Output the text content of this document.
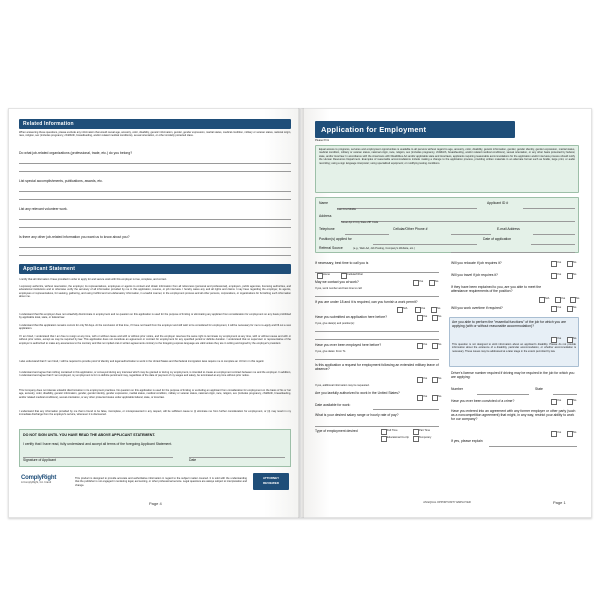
Related Information
When answering these questions, please exclude any information that would reveal age, ancestry, color, disability, genetic information, gender, gender expression, marital status, medical condition, military or veteran status, national origin, race, religion, sex (includes pregnancy, childbirth, breastfeeding, and/or related medical conditions), sexual orientation, or other similarly protected class.
Do what job-related organizations (professional, trade, etc.) do you belong?
List special accomplishments, publications, awards, etc.
List any relevant volunteer work.
Is there any other job-related information you want us to know about you?
Applicant Statement
I certify that all information I have provided in order to apply for and secure work with this employer is true, complete, and correct.
I expressly authorize, without reservation, the employer, its representatives, employees or agents to contact and obtain information from all references (personal and professional), employers, public agencies, licensing authorities, and educational institutions and to otherwise verify the accuracy of all information provided by me in this application, resume, or job interview. I hereby waive any and all rights and claims I may have regarding the employer, its agents, employees or representatives, for seeking, gathering, and using truthful and non-defamatory information, in a lawful manner, in the employment process and all other persons, corporations, or organizations for furnishing such information about me.
I understand that this employer does not unlawfully discriminate in employment and no question on this application is used for the purpose of limiting or eliminating any applicant from consideration for employment on any basis prohibited by applicable local, state, or federal law.
I understand that this application remains current for only 60 days. At the conclusion of that time, if I have not heard from the employer and still wish to be considered for employment, it will be necessary for me to re-apply and fill out a new application.
If I am hired, I understand that I am free to resign at any time, with or without cause and with or without prior notice, and the employer reserves the same right to terminate my employment at any time, with or without cause and with or without prior notice, except as may be required by law. This application does not constitute an agreement or contract for employment for any specified period or definite duration. I understand that no supervisor or representative of the employer is authorized to make any assurances to the contrary and that no implied oral or written agreements contrary to the foregoing express language are valid unless they are in writing and signed by the employer's president.
I also understand that if I am hired, I will be required to provide proof of identity and legal authorization to work in the United States and that federal immigration laws require me to complete an I-9 form in this regard.
I understand and agree that nothing contained in this application, or conveyed during any interview which may be granted or during my employment, is intended to create an employment contract between me and the employer. In addition, I understand and agree that if I am employed, my employment is for no definite period and may, regardless of the date of payment of my wages and salary, be terminated at any time without prior notice.
This Company does not tolerate unlawful discrimination in its employment practices. No question on this application is used for the purpose of limiting or excluding an applicant from consideration for employment on the basis of his or her age, ancestry, color, disability, genetic information, gender, gender identity, gender expression, marital status, medical condition, military or veteran status, national origin, race, religion, sex (includes pregnancy, childbirth, breastfeeding, and/or related medical conditions), sexual orientation, or any other protected status under applicable federal, state, or local law.
I understand that any information provided by me that is found to be false, incomplete, or misrepresented in any respect, will be sufficient cause to (i) eliminate me from further consideration for employment, or (ii) may result in my immediate discharge from the employer's service, whenever it is discovered.
DO NOT SIGN UNTIL YOU HAVE READ THE ABOVE APPLICANT STATEMENT.
I certify that I have read, fully understand and accept all terms of the foregoing Applicant Statement.
Signature of Applicant	Date
ComplyRight
A ComplyRight, Inc. brand
ATTORNEY
REVIEWED
This product is designed to provide accurate and authoritative information in regard to the subject matter covered. It is sold with the understanding that the publisher is not engaged in rendering legal, accounting, or other professional service. Legal questions are always subject to interpretation and change.
Page 4
Application for Employment
Please Print
Equal access to programs, services and employment opportunities is available to all persons without regard to age, ancestry, color, disability, genetic information, gender, gender identity, gender expression, marital status, medical condition, military or veteran status, national origin, race, religion, sex (includes pregnancy, childbirth, breastfeeding, and/or related medical conditions), sexual orientation, or any other basis protected by federal, state, and/or local law. In accordance with the Americans with Disabilities Act and/or applicable state and local laws, applicants requiring reasonable accommodations for the application and/or interview process should notify the Human Resources Department. Examples of reasonable accommodations include making a change to the application process, providing written materials in an alternate format such as braille, large print, or audio recording; using a sign language interpreter; using specialized equipment; or modifying testing conditions.
Name
Last First Middle
Applicant ID #
Address
Street Apt # City State ZIP Code
Telephone	Cellular/Other Phone #	E-mail Address
Position(s) applied for	Date of application
Referral Source	(e.g., Web-Ad, Job Posting, Company's Website, etc.)
If necessary, best time to call you is
Home	Cellular/Other
May we contact you at work?	Yes	No
If yes, work number and best time to call:
If you are under 18 and it is required, can you furnish a work permit?
N/A	Yes	No
Have you submitted an application here before?	Yes	No
If yes, give date(s) and position(s):
Have you ever been employed here before?	Yes	No
If yes, give dates: From To
Is this application a request for employment following an extended military leave of absence?
Yes	No
If yes, additional information may be requested.
Are you lawfully authorized to work in the United States?
Yes	No
Date available for work:
What is your desired salary range or hourly rate of pay?
Type of employment desired	Full Time	Part Time
Educational Co-Op	Temporary
Will you relocate if job requires it?	Yes	No
Will you travel if job requires it?	Yes	No
If they have been explained to you, are you able to meet the attendance requirements of the position?
N/A	Yes	No
Will you work overtime if required?	Yes	No
Are you able to perform the "essential functions" of the job for which you are applying (with or without reasonable accommodation)?
Yes	No
This question is not designed to elicit information about an applicant's disability. Please do not provide information about the existence of a disability, particular accommodation, or whether accommodation is necessary. These issues may be addressed at a later stage in the extent permitted by law.
Driver's license number required if driving may be required in the job for which you are applying:
Number	State
Have you ever been convicted of a crime?	Yes	No
Have you entered into an agreement with any former employer or other party (such as a noncompetition agreement) that might, in any way, restrict your ability to work for our company?
Yes	No
If yes, please explain
AN EQUAL OPPORTUNITY EMPLOYER	Page 1
